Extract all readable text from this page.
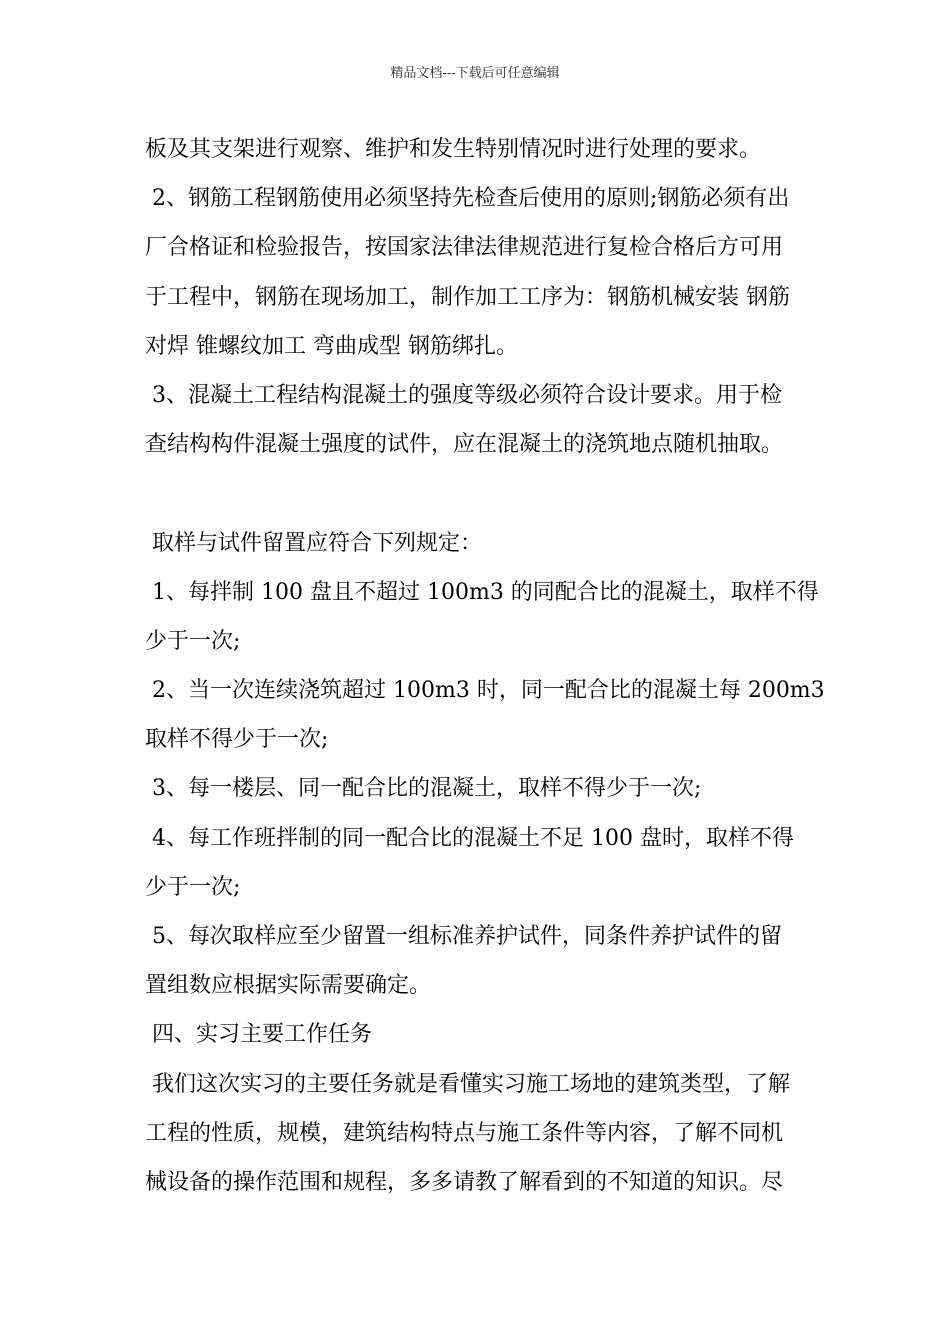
精品文档---下载后可任意编辑
板及其支架进行观察、维护和发生特别情况时进行处理的要求。
2、钢筋工程钢筋使用必须坚持先检查后使用的原则;钢筋必须有出
厂合格证和检验报告，按国家法律法律规范进行复检合格后方可用
于工程中，钢筋在现场加工，制作加工工序为：钢筋机械安装 钢筋
对焊 锥螺纹加工 弯曲成型 钢筋绑扎。
3、混凝土工程结构混凝土的强度等级必须符合设计要求。用于检
查结构构件混凝土强度的试件，应在混凝土的浇筑地点随机抽取。
取样与试件留置应符合下列规定：
1、每拌制 100 盘且不超过 100m3 的同配合比的混凝土，取样不得
少于一次;
2、当一次连续浇筑超过 100m3 时，同一配合比的混凝土每 200m3
取样不得少于一次;
3、每一楼层、同一配合比的混凝土，取样不得少于一次;
4、每工作班拌制的同一配合比的混凝土不足 100 盘时，取样不得
少于一次;
5、每次取样应至少留置一组标准养护试件，同条件养护试件的留
置组数应根据实际需要确定。
四、实习主要工作任务
我们这次实习的主要任务就是看懂实习施工场地的建筑类型，了解
工程的性质，规模，建筑结构特点与施工条件等内容，了解不同机
械设备的操作范围和规程，多多请教了解看到的不知道的知识。尽
